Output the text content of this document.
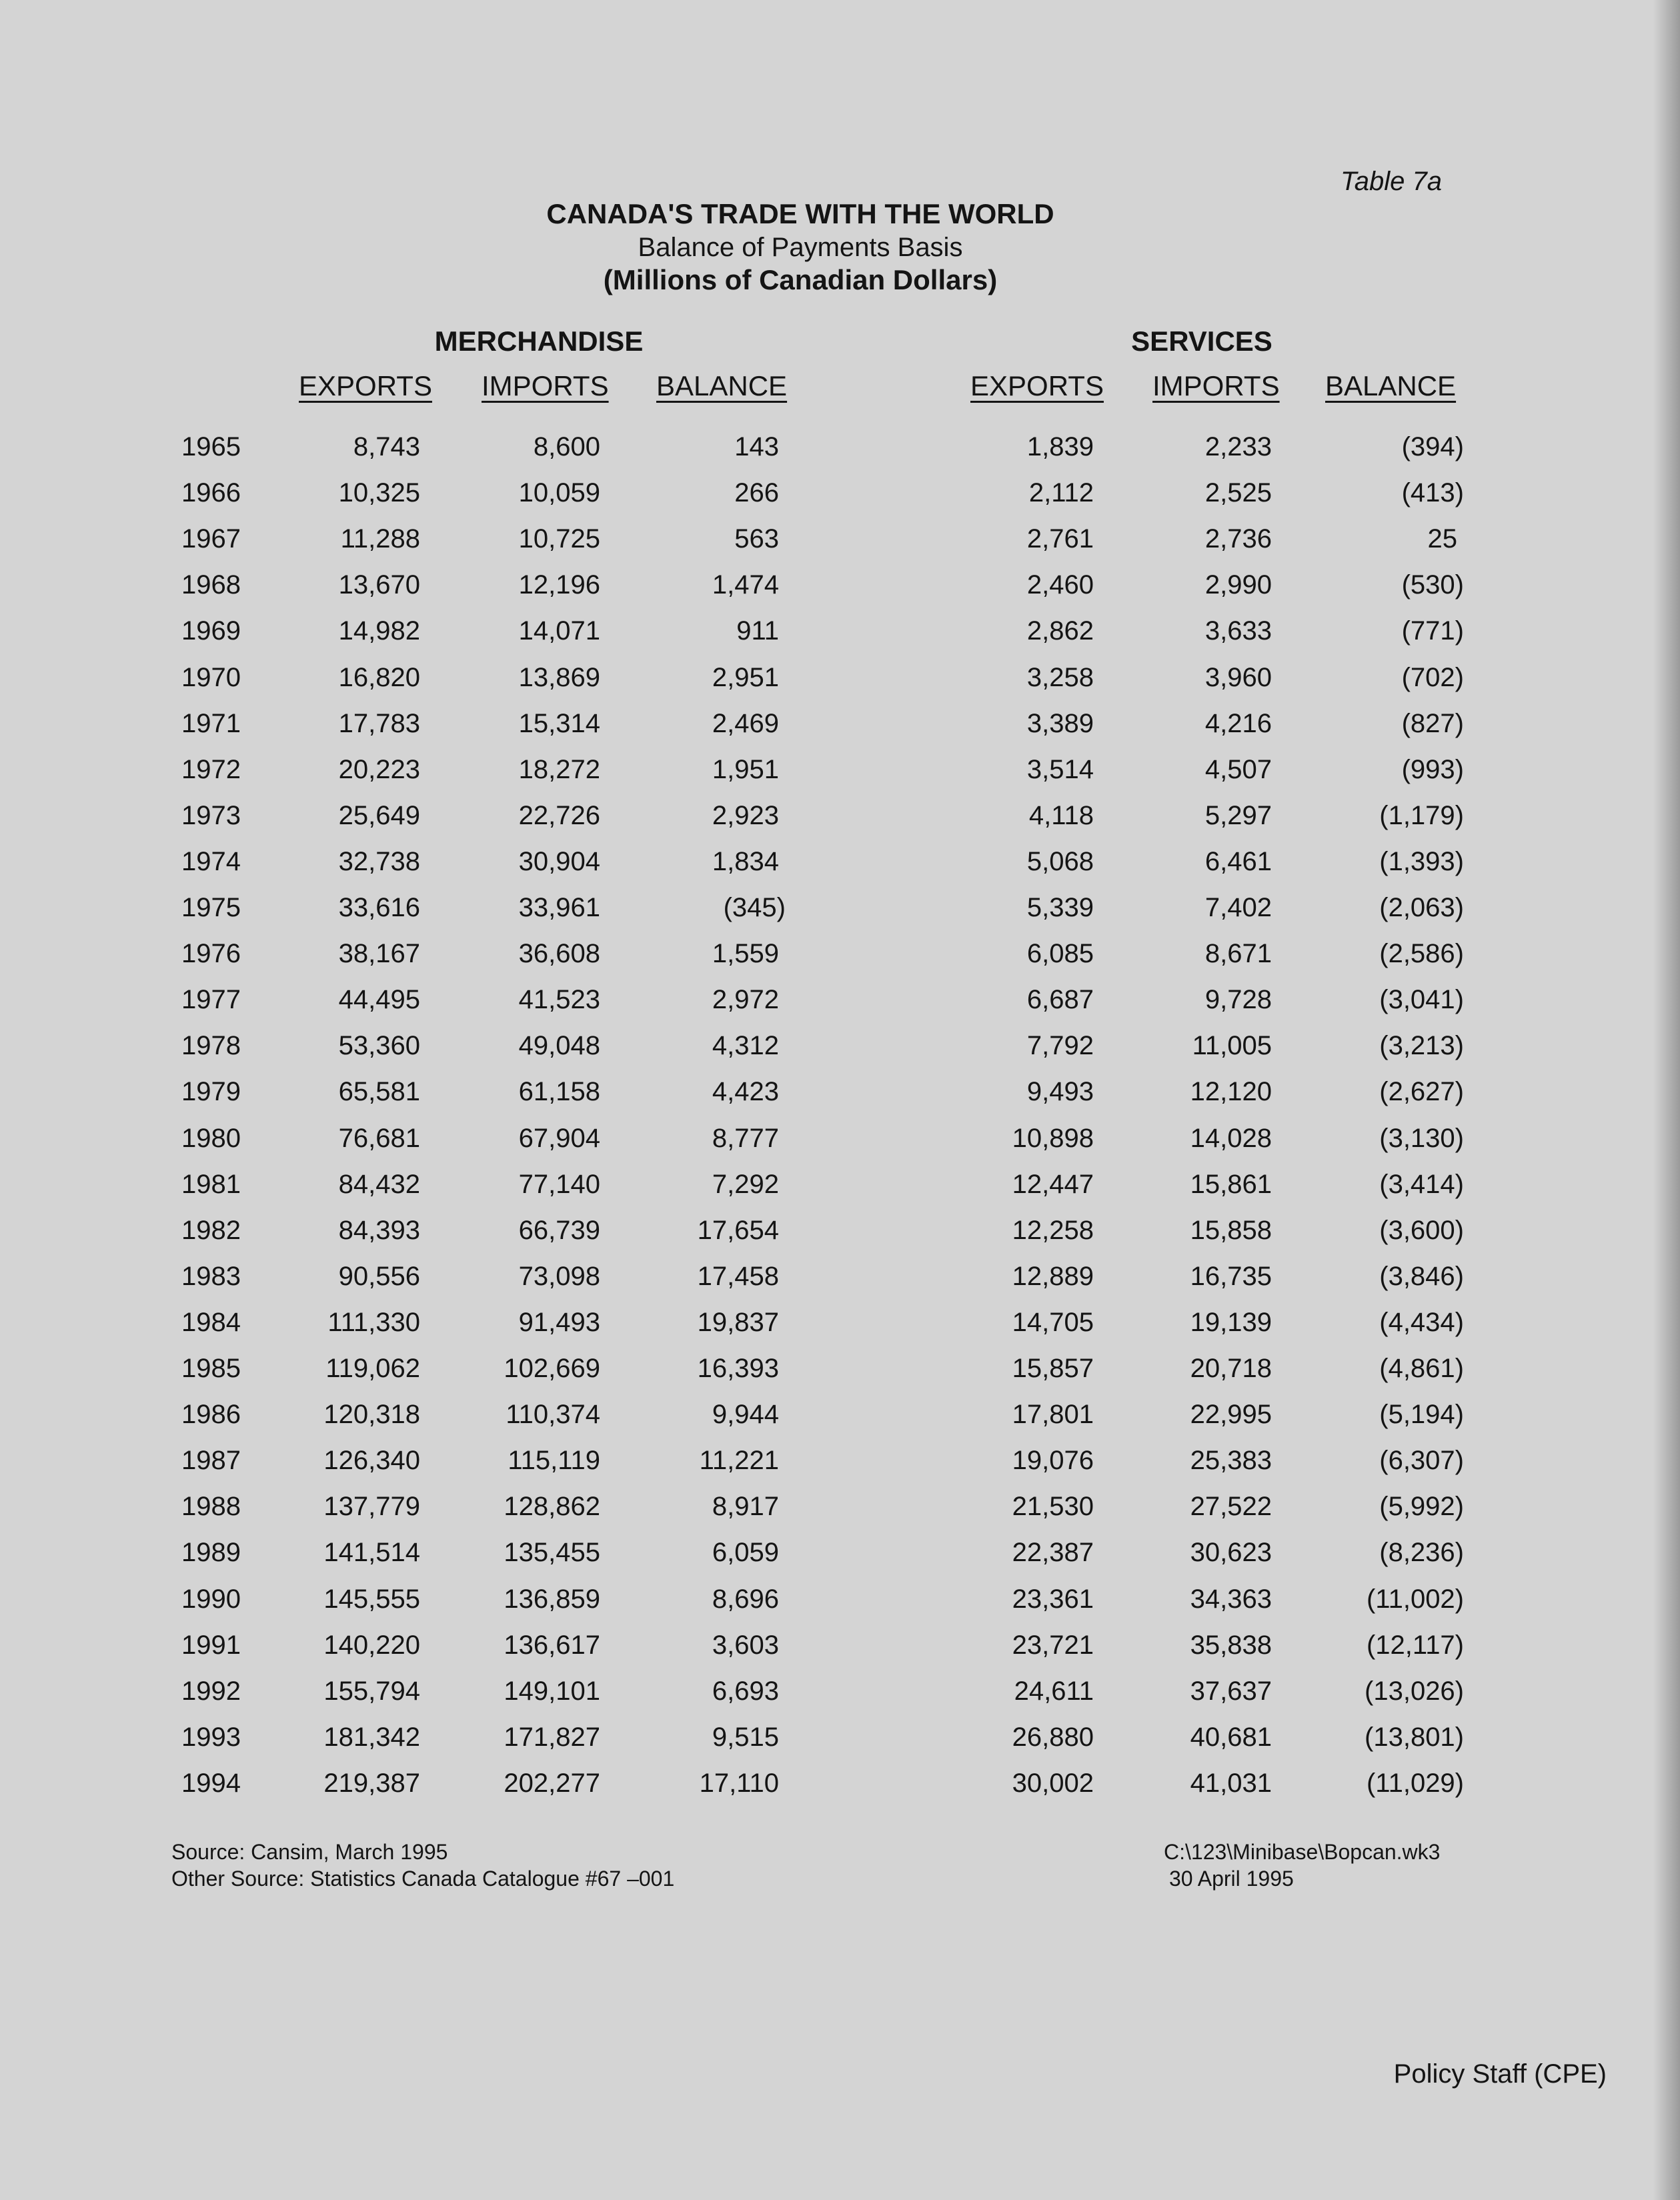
Table 7a
CANADA'S TRADE WITH THE WORLD
Balance of Payments Basis
(Millions of Canadian Dollars)
MERCHANDISE	SERVICES
EXPORTS IMPORTS BALANCE	EXPORTS IMPORTS BALANCE
1965	8,743	8,600	143	1,839	2,233	(394)
1966	10,325	10,059	266	2,112	2,525	(413)
1967	11,288	10,725	563	2,761	2,736	25
1968	13,670	12,196	1,474	2,460	2,990	(530)
1969	14,982	14,071	911	2,862	3,633	(771)
1970	16,820	13,869	2,951	3,258	3,960	(702)
1971	17,783	15,314	2,469	3,389	4,216	(827)
1972	20,223	18,272	1,951	3,514	4,507	(993)
1973	25,649	22,726	2,923	4,118	5,297	(1,179)
1974	32,738	30,904	1,834	5,068	6,461	(1,393)
1975	33,616	33,961	(345)	5,339	7,402	(2,063)
1976	38,167	36,608	1,559	6,085	8,671	(2,586)
1977	44,495	41,523	2,972	6,687	9,728	(3,041)
1978	53,360	49,048	4,312	7,792	11,005	(3,213)
1979	65,581	61,158	4,423	9,493	12,120	(2,627)
1980	76,681	67,904	8,777	10,898	14,028	(3,130)
1981	84,432	77,140	7,292	12,447	15,861	(3,414)
1982	84,393	66,739	17,654	12,258	15,858	(3,600)
1983	90,556	73,098	17,458	12,889	16,735	(3,846)
1984	111,330	91,493	19,837	14,705	19,139	(4,434)
1985	119,062	102,669	16,393	15,857	20,718	(4,861)
1986	120,318	110,374	9,944	17,801	22,995	(5,194)
1987	126,340	115,119	11,221	19,076	25,383	(6,307)
1988	137,779	128,862	8,917	21,530	27,522	(5,992)
1989	141,514	135,455	6,059	22,387	30,623	(8,236)
1990	145,555	136,859	8,696	23,361	34,363	(11,002)
1991	140,220	136,617	3,603	23,721	35,838	(12,117)
1992	155,794	149,101	6,693	24,611	37,637	(13,026)
1993	181,342	171,827	9,515	26,880	40,681	(13,801)
1994	219,387	202,277	17,110	30,002	41,031	(11,029)
Source: Cansim, March 1995
Other Source: Statistics Canada Catalogue #67 –001
C:\123\Minibase\Bopcan.wk3
30 April 1995
Policy Staff (CPE)
